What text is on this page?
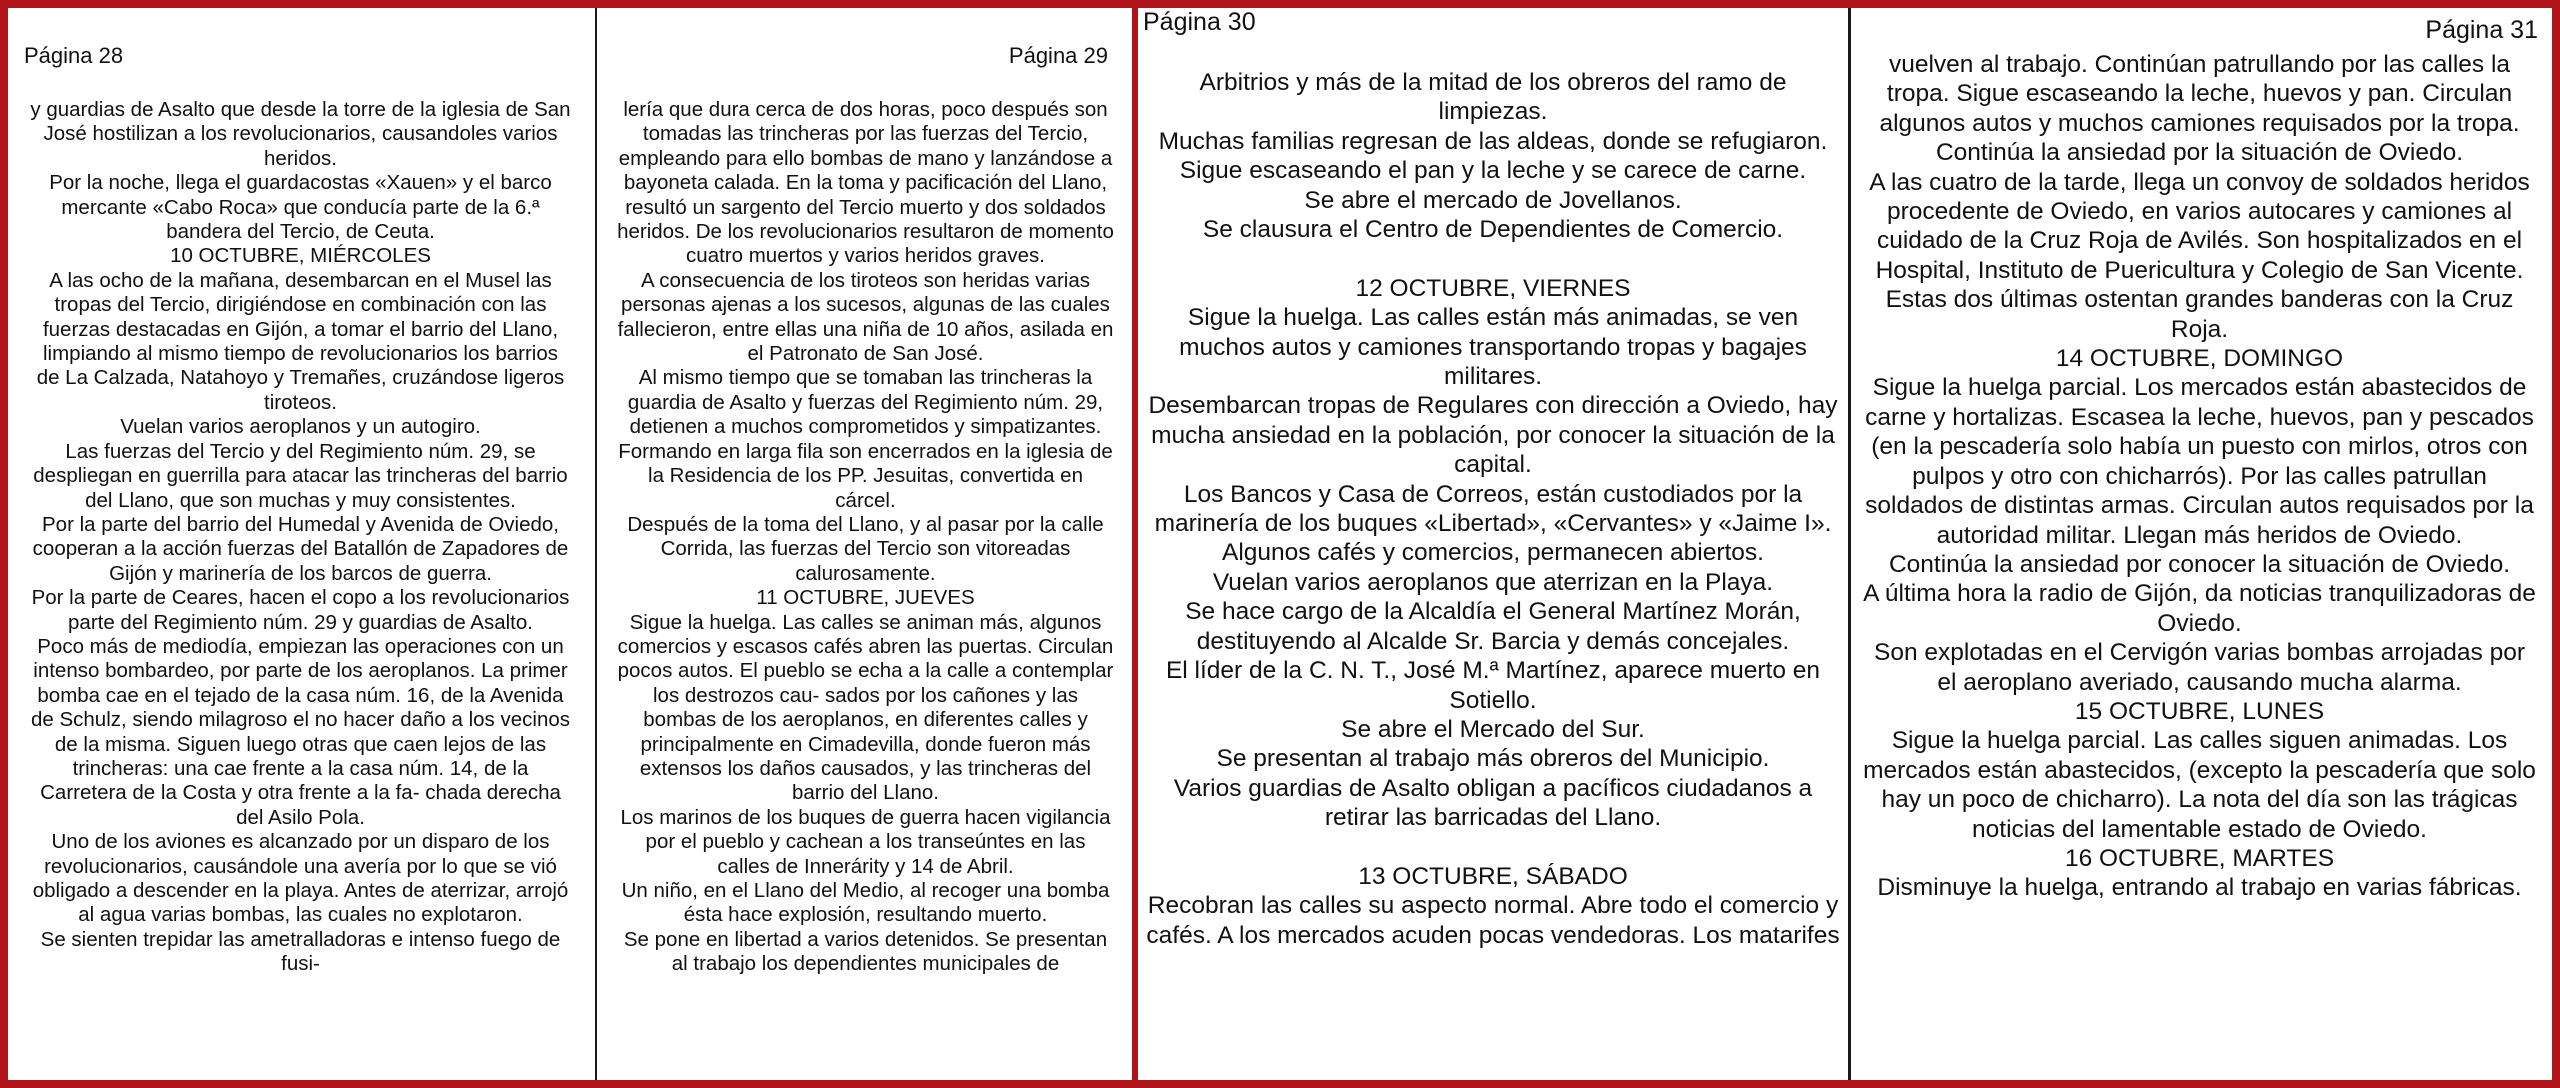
Página 28

y guardias de Asalto que desde la torre de la iglesia de San José hostilizan a los revolucionarios, causandoles varios heridos.

Por la noche, llega el guardacostas «Xauen» y el barco mercante «Cabo Roca» que conducía parte de la 6.ª bandera del Tercio, de Ceuta.

10 OCTUBRE, MIÉRCOLES

A las ocho de la mañana, desembarcan en el Musel las tropas del Tercio, dirigiéndose en combinación con las fuerzas destacadas en Gijón, a tomar el barrio del Llano, limpiando al mismo tiempo de revolucionarios los barrios de La Calzada, Natahoyo y Tremañes, cruzándose ligeros tiroteos.

Vuelan varios aeroplanos y un autogiro.

Las fuerzas del Tercio y del Regimiento núm. 29, se despliegan en guerrilla para atacar las trincheras del barrio del Llano, que son muchas y muy consistentes.

Por la parte del barrio del Humedal y Avenida de Oviedo, cooperan a la acción fuerzas del Batallón de Zapadores de Gijón y marinería de los barcos de guerra.

Por la parte de Ceares, hacen el copo a los revolucionarios parte del Regimiento núm. 29 y guardias de Asalto.

Poco más de mediodía, empiezan las operaciones con un intenso bombardeo, por parte de los aeroplanos. La primer bomba cae en el tejado de la casa núm. 16, de la Avenida de Schulz, siendo milagroso el no hacer daño a los vecinos de la misma. Siguen luego otras que caen lejos de las trincheras: una cae frente a la casa núm. 14, de la Carretera de la Costa y otra frente a la fa- chada derecha del Asilo Pola.

Uno de los aviones es alcanzado por un disparo de los revolucionarios, causándole una avería por lo que se vió obligado a descender en la playa. Antes de aterrizar, arrojó al agua varias bombas, las cuales no explotaron.

Se sienten trepidar las ametralladoras e intenso fuego de fusi-

Página 29

lería que dura cerca de dos horas, poco después son tomadas las trincheras por las fuerzas del Tercio, empleando para ello bombas de mano y lanzándose a bayoneta calada. En la toma y pacificación del Llano, resultó un sargento del Tercio muerto y dos soldados heridos. De los revolucionarios resultaron de momento cuatro muertos y varios heridos graves.

A consecuencia de los tiroteos son heridas varias personas ajenas a los sucesos, algunas de las cuales fallecieron, entre ellas una niña de 10 años, asilada en el Patronato de San José.

Al mismo tiempo que se tomaban las trincheras la guardia de Asalto y fuerzas del Regimiento núm. 29, detienen a muchos comprometidos y simpatizantes. Formando en larga fila son encerrados en la iglesia de la Residencia de los PP. Jesuitas, convertida en cárcel.

Después de la toma del Llano, y al pasar por la calle Corrida, las fuerzas del Tercio son vitoreadas calurosamente.

11 OCTUBRE, JUEVES

Sigue la huelga. Las calles se animan más, algunos comercios y escasos cafés abren las puertas. Circulan pocos autos. El pueblo se echa a la calle a contemplar los destrozos cau- sados por los cañones y las bombas de los aeroplanos, en diferentes calles y principalmente en Cimadevilla, donde fueron más extensos los daños causados, y las trincheras del barrio del Llano.

Los marinos de los buques de guerra hacen vigilancia por el pueblo y cachean a los transeúntes en las calles de Innerárity y 14 de Abril.

Un niño, en el Llano del Medio, al recoger una bomba ésta hace explosión, resultando muerto.

Se pone en libertad a varios detenidos. Se presentan al trabajo los dependientes municipales de

Página 30

Arbitrios y más de la mitad de los obreros del ramo de limpiezas.

Muchas familias regresan de las aldeas, donde se refugiaron.

Sigue escaseando el pan y la leche y se carece de carne.

Se abre el mercado de Jovellanos.

Se clausura el Centro de Dependientes de Comercio.

12 OCTUBRE, VIERNES

Sigue la huelga. Las calles están más animadas, se ven muchos autos y camiones transportando tropas y bagajes militares.

Desembarcan tropas de Regulares con dirección a Oviedo, hay mucha ansiedad en la población, por conocer la situación de la capital.

Los Bancos y Casa de Correos, están custodiados por la marinería de los buques «Libertad», «Cervantes» y «Jaime I».

Algunos cafés y comercios, permanecen abiertos.

Vuelan varios aeroplanos que aterrizan en la Playa.

Se hace cargo de la Alcaldía el General Martínez Morán, destituyendo al Alcalde Sr. Barcia y demás concejales.

El líder de la C. N. T., José M.ª Martínez, aparece muerto en Sotiello.

Se abre el Mercado del Sur.

Se presentan al trabajo más obreros del Municipio.

Varios guardias de Asalto obligan a pacíficos ciudadanos a retirar las barricadas del Llano.

13 OCTUBRE, SÁBADO

Recobran las calles su aspecto normal. Abre todo el comercio y cafés. A los mercados acuden pocas vendedoras. Los matarifes

Página 31

vuelven al trabajo. Continúan patrullando por las calles la tropa. Sigue escaseando la leche, huevos y pan. Circulan algunos autos y muchos camiones requisados por la tropa. Continúa la ansiedad por la situación de Oviedo.

A las cuatro de la tarde, llega un convoy de soldados heridos procedente de Oviedo, en varios autocares y camiones al cuidado de la Cruz Roja de Avilés. Son hospitalizados en el Hospital, Instituto de Puericultura y Colegio de San Vicente. Estas dos últimas ostentan grandes banderas con la Cruz Roja.

14 OCTUBRE, DOMINGO

Sigue la huelga parcial. Los mercados están abastecidos de carne y hortalizas. Escasea la leche, huevos, pan y pescados (en la pescadería solo había un puesto con mirlos, otros con pulpos y otro con chicharrós). Por las calles patrullan soldados de distintas armas. Circulan autos requisados por la autoridad militar. Llegan más heridos de Oviedo.

Continúa la ansiedad por conocer la situación de Oviedo.

A última hora la radio de Gijón, da noticias tranquilizadoras de Oviedo.

Son explotadas en el Cervigón varias bombas arrojadas por el aeroplano averiado, causando mucha alarma.

15 OCTUBRE, LUNES

Sigue la huelga parcial. Las calles siguen animadas. Los mercados están abastecidos, (excepto la pescadería que solo hay un poco de chicharro). La nota del día son las trágicas noticias del lamentable estado de Oviedo.

16 OCTUBRE, MARTES

Disminuye la huelga, entrando al trabajo en varias fábricas.
